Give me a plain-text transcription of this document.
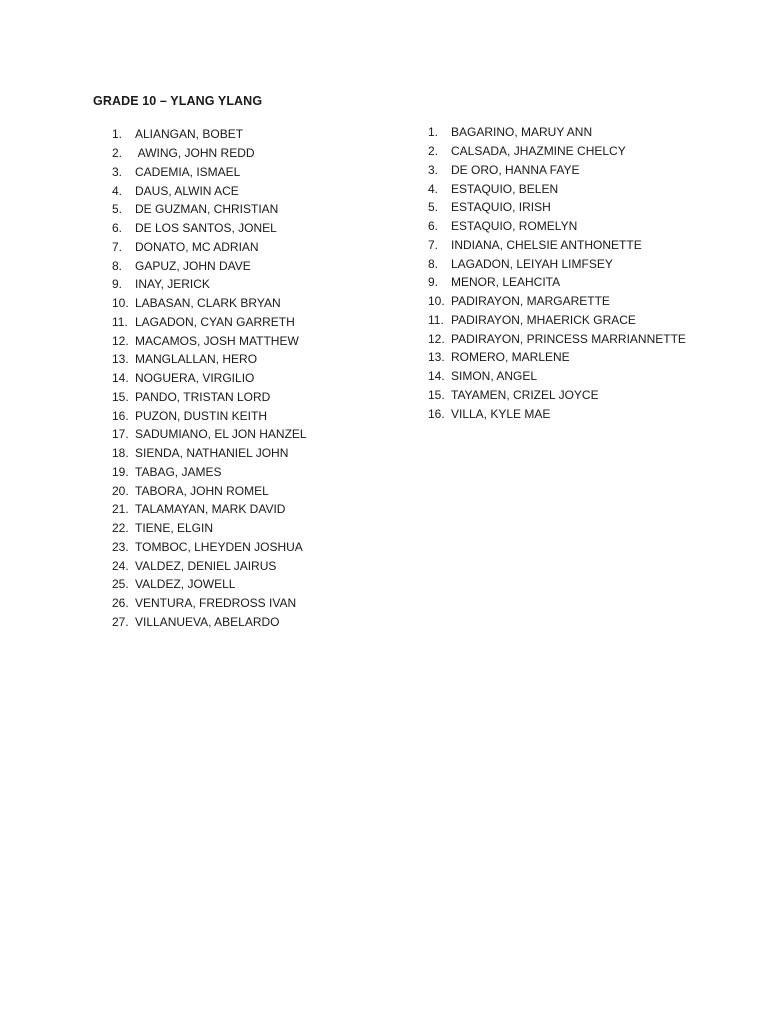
GRADE 10 – YLANG YLANG
1.	ALIANGAN, BOBET
2.	AWING, JOHN REDD
3.	CADEMIA, ISMAEL
4.	DAUS, ALWIN ACE
5.	DE GUZMAN, CHRISTIAN
6.	DE LOS SANTOS, JONEL
7.	DONATO, MC ADRIAN
8.	GAPUZ, JOHN DAVE
9.	INAY, JERICK
10. LABASAN, CLARK BRYAN
11. LAGADON, CYAN GARRETH
12. MACAMOS, JOSH MATTHEW
13. MANGLALLAN, HERO
14. NOGUERA, VIRGILIO
15. PANDO, TRISTAN LORD
16. PUZON, DUSTIN KEITH
17. SADUMIANO, EL JON HANZEL
18. SIENDA, NATHANIEL JOHN
19. TABAG, JAMES
20. TABORA, JOHN ROMEL
21. TALAMAYAN, MARK DAVID
22. TIENE, ELGIN
23. TOMBOC, LHEYDEN JOSHUA
24. VALDEZ, DENIEL JAIRUS
25. VALDEZ, JOWELL
26. VENTURA, FREDROSS IVAN
27. VILLANUEVA, ABELARDO
1.	BAGARINO, MARUY ANN
2.	CALSADA, JHAZMINE CHELCY
3.	DE ORO, HANNA FAYE
4.	ESTAQUIO, BELEN
5.	ESTAQUIO, IRISH
6.	ESTAQUIO, ROMELYN
7.	INDIANA, CHELSIE ANTHONETTE
8.	LAGADON, LEIYAH LIMFSEY
9.	MENOR, LEAHCITA
10. PADIRAYON, MARGARETTE
11. PADIRAYON, MHAERICK GRACE
12. PADIRAYON, PRINCESS MARRIANNETTE
13. ROMERO, MARLENE
14. SIMON, ANGEL
15. TAYAMEN, CRIZEL JOYCE
16. VILLA, KYLE MAE
